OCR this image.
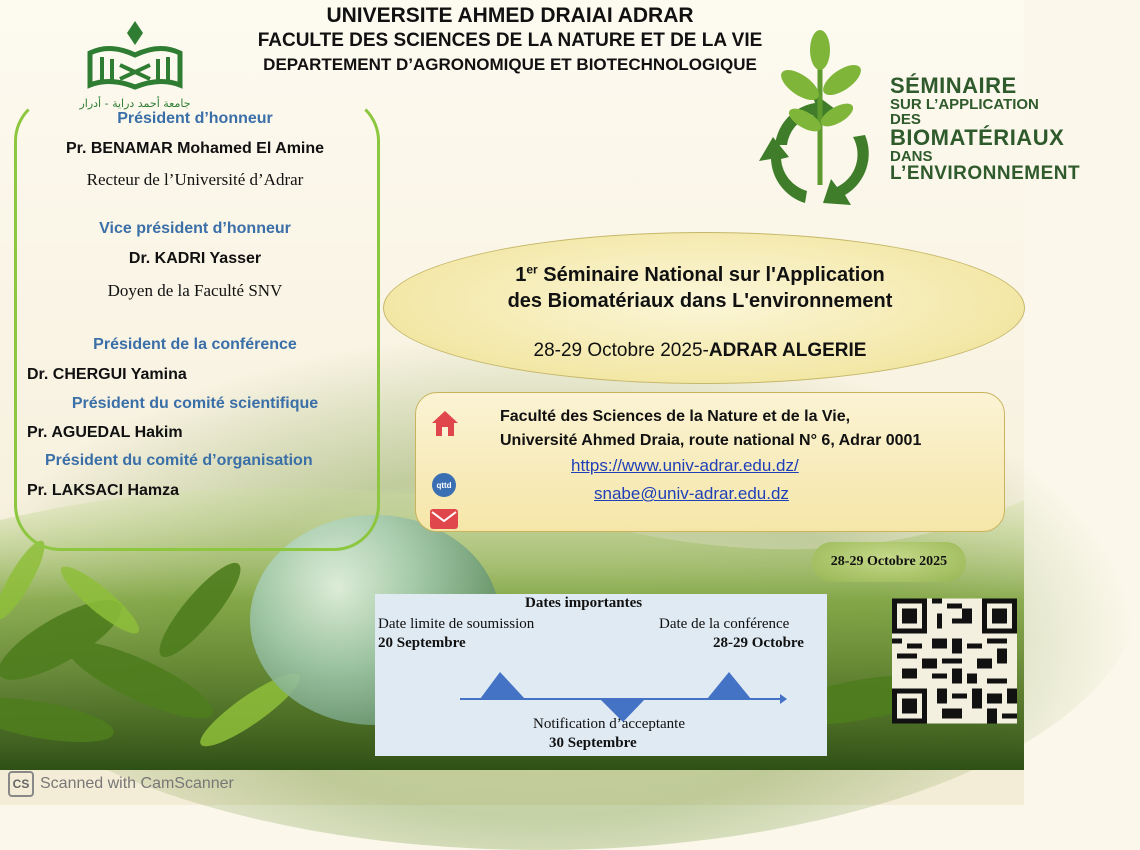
جامعة أحمد دراية - أدرار
UNIVERSITE AHMED DRAIAI ADRAR
FACULTE DES SCIENCES DE LA NATURE ET DE LA VIE
DEPARTEMENT D’AGRONOMIQUE ET BIOTECHNOLOGIQUE
Président d’honneur
Pr. BENAMAR Mohamed El Amine
Recteur de l’Université d’Adrar
Vice président d’honneur
Dr. KADRI Yasser
Doyen de la Faculté SNV
Président de la conférence
Dr. CHERGUI Yamina
Président du comité scientifique
Pr. AGUEDAL Hakim
Président du comité d’organisation
Pr. LAKSACI Hamza
SÉMINAIRE
SUR L’APPLICATION
DES
BIOMATÉRIAUX
DANS
L’ENVIRONNEMENT
1er Séminaire National sur l'Application
des Biomatériaux dans L'environnement
28-29 Octobre 2025-ADRAR ALGERIE
qttd
Faculté des Sciences de la Nature et de la Vie,
Université Ahmed Draia, route national N° 6, Adrar 0001
https://www.univ-adrar.edu.dz/
snabe@univ-adrar.edu.dz
28-29 Octobre 2025
Dates importantes
Date limite de soumission
20 Septembre
Date de la conférence
28-29 Octobre
Notification d’acceptante
30 Septembre
CS Scanned with CamScanner
